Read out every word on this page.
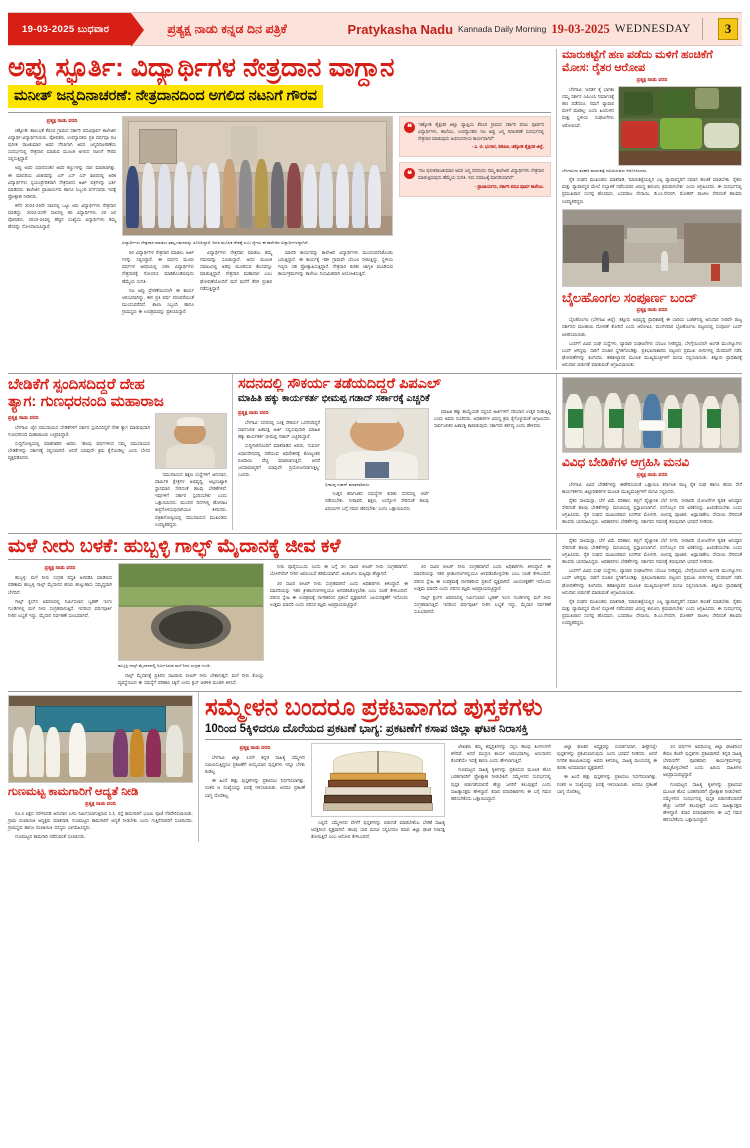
19-03-2025 ಬುಧವಾರ	ಪ್ರತ್ಯಕ್ಷ ನಾಡು ಕನ್ನಡ ದಿನ ಪತ್ರಿಕೆ	Pratykasha Nadu Kannada Daily Morning 19-03-2025 WEDNESDAY	3
ಅಪ್ಪು ಸ್ಫೂರ್ತಿ: ವಿದ್ಯಾರ್ಥಿಗಳ ನೇತ್ರದಾನ ವಾಗ್ದಾನ
ಮನೀತ್ ಜನ್ಮದಿನಾಚರಣೆ: ನೇತ್ರದಾನದಿಂದ ಅಗಲಿದ ನಟನಿಗೆ ಗೌರವ
ಪ್ರತ್ಯಕ್ಷ ನಾಡು ವರದಿ

ಚಿಕ್ಕೋಡಿ: ಶಾಲುಭಕೆ ಕೆರೂರ ಗ್ರಾಮದ ಸರ್ಕಾರಿ ಪದವಿಪೂರ್ವ ಕಾಲೇಜಿನ ವಿದ್ಯಾರ್ಥಿ-ವಿದ್ಯಾರ್ಥಿನಿಯರು, ಪೋಷಕರು, ಉಪನ್ಯಾಸಕರು ಪ್ರತಿ ವರ್ಷವೂ ನಟ ಪುನೀತ ರಾಜಕುಮಾರ ಅವರ ನೆನಪಿಗಾಗಿ ಅವರ ಜನ್ಮದಿನಾಚರಣೆಯ ಸಂದರ್ಭದಲ್ಲಿ ನೇತ್ರದಾನ ಮಾಡುವ ಮೂಲಕ ಅಗಲಿದ ನಟನಿಗೆ ಗೌರವ ಸಲ್ಲಿಸುತ್ತಿದ್ದಾರೆ.

ಅಪ್ಪು ಅವರ ಸಿಧಾನದಂತರ ಅವರ ಕಣ್ಣುಗಳನ್ನು ದಾನ ಮಾಡಲಾಗಿತ್ತು. ಈ ಮಾದರಿಯ ವಿಚಾರವನ್ನು ಎನ್ ಎಸ್ ಎಸ್ ಶಿಬಿರದಲ್ಲಿ ಅರಿತ ವಿದ್ಯಾರ್ಥಿಗಳು ಸ್ವಯಂಪ್ರೇರಿತರಾಗಿ ನೇತ್ರದಾನದ ಅರ್ಜಿ ಪತ್ರಗಳನ್ನು ಭರ್ತಿ ಮಾಡಿದರು. ಕಾಲೇಜಿನ ಪ್ರಾಚಾರ್ಯರು ಹಾಗೂ ಸಿಬ್ಬಂದಿ ವರ್ಗದವರು ಇದಕ್ಕೆ ಪ್ರೋತ್ಸಾಹ ನೀಡಿದರು.

ಕಳೆದ 2024-25ನೇ ಸಾಲಿನಲ್ಲಿ ಒಟ್ಟು ಆರು ವಿದ್ಯಾರ್ಥಿಗಳು ನೇತ್ರದಾನ ಮಾಡಿದ್ದು, 2022-23ನೇ ಸಾಲಿನಲ್ಲಿ 85 ವಿದ್ಯಾರ್ಥಿಗಳು, 20 ಜನ ಪೋಷಕರು, 2023-24ರಲ್ಲಿ ಹೆಚ್ಚಿನ ಸಂಖ್ಯೆಯ ವಿದ್ಯಾರ್ಥಿಗಳು ತಮ್ಮ ಹೆಸರನ್ನು ನೋಂದಾಯಿಸಿದ್ದಾರೆ.

ವಿದ್ಯಾರ್ಥಿಗಳು ನೇತ್ರದಾನ ಮಾಡಲು ತಮ್ಮ ಗಮನವನ್ನು ಸೂಚಿಸಿದ್ದಾರೆ. ಅದರ ಮೂಲಕ ದೇಶಕ್ಕೆ ಎಂಬ ಧ್ಯೇಯ ಈ ಕಾಲೇಜಿನ ವಿದ್ಯಾರ್ಥಿಗಳದ್ದಾಗಿದೆ.

50 ವಿದ್ಯಾರ್ಥಿಗಳ ನೇತ್ರದಾನ ಮಾಡಲು ಅರ್ಜಿ ಗಳನ್ನು ಸಲ್ಲಿಸಿದ್ದಾರೆ. ಈ ವರ್ಷದ ಮೂರು ವರ್ಷಗಳ ಅವಧಿಯಲ್ಲಿ 285 ವಿದ್ಯಾರ್ಥಿಗಳು ನೇತ್ರದಾನಕ್ಕೆ ನೋಂದಣಿ ಮಾಡಿಕೊಂಡಿರುವುದು ಹೆಮ್ಮೆಯ ಸಂಗತಿ.

ನಟ ಅಪ್ಪು ಪ್ರೇರಣೆಯಿಂದಲೇ ಈ ಕಾರ್ಯ ಆರಂಭವಾಗಿದ್ದು, ಈಗ ಪ್ರತಿ ವರ್ಷ ಪರಂಪರೆಯಂತೆ ಮುಂದುವರೆದಿದೆ. ಶಾಲಾ ಸಿಬ್ಬಂದಿ ಹಾಗೂ ಗ್ರಾಮಸ್ಥರು ಈ ಉಪಕ್ರಮವನ್ನು ಪ್ರಶಂಸಿಸಿದ್ದಾರೆ.

ವಿದ್ಯಾರ್ಥಿಗಳು ನೇತ್ರದಾನ ಮಾಡಲು ತಮ್ಮ ಗಮನವನ್ನು ಸೂಚಿಸಿದ್ದಾರೆ. ಅದರ ಮೂಲಕ ಸಮಾಜದಲ್ಲಿ ಅರಿವು ಮೂಡಿಸುವ ಕೆಲಸವನ್ನೂ ಮಾಡುತ್ತಿದ್ದಾರೆ. ನೇತ್ರದಾನ ಮಹಾದಾನ ಎಂಬ ಘೋಷಣೆಯೊಂದಿಗೆ ಮನೆ ಮನೆಗೆ ತೆರಳಿ ಪ್ರಚಾರ ನಡೆಸುತ್ತಿದ್ದಾರೆ.

ಮಾದರಿ ಕಾರ್ಯವನ್ನು ಕಾಲೇಜಿನ ವಿದ್ಯಾರ್ಥಿಗಳು ಮುಂದುವರೆಸಿಕೊಂಡು ಬರುತ್ತಿದ್ದಾರೆ. ಈ ಕಾರ್ಯಕ್ಕೆ ಇಡೀ ಗ್ರಾಮವೇ ಬೆಂಬಲ ನೀಡುತ್ತಿದ್ದು, ಸ್ಥಳೀಯ ಗಣ್ಯರು ಸಹ ಪ್ರೋತ್ಸಾಹಿಸುತ್ತಿದ್ದಾರೆ. ನೇತ್ರದಾನ ಕುರಿತು ಜಾಗೃತಿ ಮೂಡಿಸುವ ಕಾರ್ಯಕ್ರಮಗಳನ್ನು ಕಾಲೇಜು ನಿಯಮಿತವಾಗಿ ಆಯೋಜಿಸುತ್ತಿದೆ.

❝	"ಚಿಕ್ಕೋಡಿ ಶೈಕ್ಷಣಿಕ ಜಿಲ್ಲಾ ವ್ಯಾಪ್ತಿಯ ಕೆರೂರ ಗ್ರಾಮದ ಸರ್ಕಾರಿ ಪದವಿ ಪೂರ್ವದ ವಿದ್ಯಾರ್ಥಿಗಳು, ಶಾಲೆಯು, ಉಪನ್ಯಾಸಕರು ನಟ ಅಪ್ಪು ಜನ್ಮ ದಿನಾಚರಣೆ ಸಂದರ್ಭದಲ್ಲಿ ನೇತ್ರದಾನ ಮಾಡುವುದು ಅಭಿನಂದನೀಯ ಕಾರ್ಯವಾಗಿದೆ"
- ಎ. ಬಿ. ಭಂಗಾರ, ಡಿಡಿಪಿಐ, ಚಿಕ್ಕೋಡಿ ಶೈಕ್ಷಣಿಕ ಜಿಲ್ಲೆ.
❝	"ನಟ ಪುನೀತರಾಜಕುಮಾರ ಅವರ ಜನ್ಮ ದಿನದಂದು ನಮ್ಮ ಕಾಲೇಜಿನ ವಿದ್ಯಾರ್ಥಿಗಳು ನೇತ್ರದಾನ ಮಾಡುತ್ತಿರುವುದು ಹೆಮ್ಮೆಯ ಸಂಗತಿ. ಇದು ಸಮಾಜಕ್ಕೆ ಮಾದರಿಯಾಗಿದೆ"
- ಪ್ರಾಚಾರ್ಯರು, ಸರ್ಕಾರಿ ಪದವಿ ಪೂರ್ವ ಕಾಲೇಜು.
ಮಾರುಕಟ್ಟೆಗೆ ಹಣ ಪಡೆದು ಮಳಿಗೆ ಹಂಚಿಕೆಗೆ ಮೋಸ: ರೈತರ ಆರೋಪ
ಪ್ರತ್ಯಕ್ಷ ನಾಡು ವರದಿ

ಬೆಳಗಾವಿ: 'ಆದರ್ಶ ಕೈ ಭಾಗಶಃ ನಮ್ಮ ಸರ್ಕಾರ ಎಪಿಎಂಸಿ ನಿರ್ಮಾಣಕ್ಕೆ ಹಣ ಪಡೆದರೂ, ನಮಗೆ ವ್ಯಾಪಾರ ಮಳಿಗೆ ಮಾಡಿಲ್ಲ' ಎಂದು ಹಿಂದುಳಿದ ಮತ್ತು ಸ್ಥಳೀಯ ಸಂಘಟನೆಗಳು ಆರೋಪಿಸಿವೆ.

ಬೆಳಗಾವಿಯ ತರಕಾರಿ ಮಾರುಕಟ್ಟೆ ಸಮಿತಿಯವರು ಆರೋಪಿಸಿದರು.

ರೈತ ಸಂಘದ ಮುಖಂಡರು ಮಾತನಾಡಿ, 'ಮಾರುಕಟ್ಟೆಯಲ್ಲಿನ ಎಲ್ಲ ವ್ಯಾಪಾರಸ್ಥರಿಗೆ ಸಮಾನ ಹಂಚಿಕೆ ಮಾಡಬೇಕು. ರೈತರು ಮತ್ತು ವ್ಯಾಪಾರಸ್ಥರ ಮೇಲೆ ದಬ್ಬಾಳಿಕೆ ನಡೆಸುವವರ ವಿರುದ್ಧ ಕಾನೂನು ಕ್ರಮವಾಗಬೇಕು' ಎಂದು ಆಗ್ರಹಿಸಿದರು. ಈ ಸಂದರ್ಭದಲ್ಲಿ ಪ್ರಮುಖರಾದ ಸಂಗಪ್ಪ ಹೊಸಮನಿ, ಬಸವರಾಜ ದೇಸಾಯಿ, ಡಿ.ಎಂ.ನೇಸರಗಿ, ಮೋಹನ್ ಪಾಟೀಲ ಸೇರಿದಂತೆ ಹಲವರು ಉಪಸ್ಥಿತರಿದ್ದರು.

ಬೈಲಹೊಂಗಲ ಸಂಪೂರ್ಣ ಬಂದ್
ಪ್ರತ್ಯಕ್ಷ ನಾಡು ವರದಿ

ಬೈಲಹೊಂಗಲ (ಬೆಳಗಾವಿ ಜಿಲ್ಲೆ): ಕಿತ್ತೂರು ಅಭಿವೃದ್ಧಿ ಪ್ರಾಧಿಕಾರಕ್ಕೆ ಈ ಬಾರಿಯ ಬಜೆಟ್‌ನಲ್ಲಿ ಅನುದಾನ ನೀಡದೇ ರಾಜ್ಯ ಸರ್ಕಾರದ ಮಲತಾಯಿ ಧೋರಣೆ ತೋರಿದೆ ಎಂದು ಆರೋಪಿಸಿ, ಮಂಗಳವಾರ ಬೈಲಹೊಂಗಲ ಪಟ್ಟಣದಲ್ಲಿ ಸಂಪೂರ್ಣ ಬಂದ್ ಆಚರಿಸಲಾಯಿತು.

ಬಂದ್‌ಗೆ ವಿವಿಧ ಸಂಘ ಸಂಸ್ಥೆಗಳು, ವ್ಯಾಪಾರಿ ಸಂಘಟನೆಗಳು ಬೆಂಬಲ ನೀಡಿದ್ದವು. ಬೆಳಗ್ಗೆಯಿಂದಲೇ ಅಂಗಡಿ ಮುಂಗಟ್ಟುಗಳು ಬಂದ್ ಆಗಿದ್ದವು. ಸಾರಿಗೆ ಸಂಚಾರ ಸ್ಥಗಿತಗೊಂಡಿತ್ತು. ಪ್ರತಿಭಟನಾಕಾರರು ಪಟ್ಟಣದ ಪ್ರಮುಖ ಬೀದಿಗಳಲ್ಲಿ ಮೆರವಣಿಗೆ ನಡೆಸಿ ಘೋಷಣೆಗಳನ್ನು ಕೂಗಿದರು. ತಹಶೀಲ್ದಾರರ ಮೂಲಕ ಮುಖ್ಯಮಂತ್ರಿಗಳಿಗೆ ಮನವಿ ಸಲ್ಲಿಸಲಾಯಿತು. ಕಿತ್ತೂರು ಪ್ರಾಧಿಕಾರಕ್ಕೆ ಅನುದಾನ ಬಿಡುಗಡೆ ಮಾಡುವಂತೆ ಆಗ್ರಹಿಸಲಾಯಿತು.

ಬೇಡಿಕೆಗೆ ಸ್ಪಂದಿಸದಿದ್ದರೆ ದೇಹ
ತ್ಯಾಗ: ಗುಣಧರನಂದಿ ಮಹಾರಾಜ
ಪ್ರತ್ಯಕ್ಷ ನಾಡು ವರದಿ

ಬೆಳಗಾವಿ: ಜೈನ ಸಮುದಾಯದ ಬೇಡಿಕೆಗಳಿಗೆ ಸರ್ಕಾರ ಸ್ಪಂದಿಸದಿದ್ದರೆ ದೇಹ ತ್ಯಾಗ ಮಾಡುವುದಾಗಿ ಗುಣಧರನಂದಿ ಮಹಾರಾಜರು ಎಚ್ಚರಿಸಿದ್ದಾರೆ.

ಸುದ್ದಿಗೋಷ್ಠಿಯಲ್ಲಿ ಮಾತನಾಡಿದ ಅವರು, 'ಹಲವು ವರ್ಷಗಳಿಂದ ನಮ್ಮ ಸಮುದಾಯದ ಬೇಡಿಕೆಗಳನ್ನು ಸರ್ಕಾರಕ್ಕೆ ಸಲ್ಲಿಸಲಾಗಿದೆ. ಆದರೆ ಯಾವುದೇ ಕ್ರಮ ಕೈಗೊಂಡಿಲ್ಲ' ಎಂದು ಬೇಸರ ವ್ಯಕ್ತಪಡಿಸಿದರು.

'ಸಮುದಾಯದ ಶಿಕ್ಷಣ ಸಂಸ್ಥೆಗಳಿಗೆ ಅನುದಾನ, ಧಾರ್ಮಿಕ ಕ್ಷೇತ್ರಗಳ ಅಭಿವೃದ್ಧಿ, ಅಲ್ಪಸಂಖ್ಯಾತ ಸ್ಥಾನಮಾನ ಸೇರಿದಂತೆ ಹಲವು ಬೇಡಿಕೆಗಳಿವೆ. ಇವುಗಳಿಗೆ ಸರ್ಕಾರ ಸ್ಪಂದಿಸಬೇಕು' ಎಂದು ಒತ್ತಾಯಿಸಿದರು. ಮುಂದಿನ ದಿನಗಳಲ್ಲಿ ಹೋರಾಟ ತೀವ್ರಗೊಳಿಸುವುದಾಗಿಯೂ ತಿಳಿಸಿದರು. ಪತ್ರಿಕಾಗೋಷ್ಠಿಯಲ್ಲಿ ಸಮುದಾಯದ ಮುಖಂಡರು ಉಪಸ್ಥಿತರಿದ್ದರು.

ಸದನದಲ್ಲಿ ಸೌಕರ್ಯ ತಡೆಯದಿದ್ದರೆ ಪಿಪಎಲ್
ಮಾಹಿತಿ ಹಕ್ಕು ಕಾರ್ಯಕರ್ತ ಭೀಮಪ್ಪ ಗಡಾದ್ ಸರ್ಕಾರಕ್ಕೆ ಎಚ್ಚರಿಕೆ
ಪ್ರತ್ಯಕ್ಷ ನಾಡು ವರದಿ

ಬೆಳಗಾವಿ: ಸದನದಲ್ಲಿ ಸೂಕ್ತ ಸೌಕರ್ಯ ಒದಗಿಸದಿದ್ದರೆ ಸಾರ್ವಜನಿಕ ಹಿತಾಸಕ್ತಿ ಅರ್ಜಿ ಸಲ್ಲಿಸುವುದಾಗಿ ಮಾಹಿತಿ ಹಕ್ಕು ಕಾರ್ಯಕರ್ತ ಭೀಮಪ್ಪ ಗಡಾದ್ ಎಚ್ಚರಿಸಿದ್ದಾರೆ.

ಸುದ್ದಿಗಾರರೊಂದಿಗೆ ಮಾತನಾಡಿದ ಅವರು, 'ಸುವರ್ಣ ವಿಧಾನಸೌಧದಲ್ಲಿ ನಡೆಯುವ ಅಧಿವೇಶನಕ್ಕೆ ಕೋಟ್ಯಂತರ ರೂಪಾಯಿ ವೆಚ್ಚ ಮಾಡಲಾಗುತ್ತಿದೆ. ಆದರೆ ಜನಸಾಮಾನ್ಯರಿಗೆ ಯಾವುದೇ ಪ್ರಯೋಜನವಾಗುತ್ತಿಲ್ಲ' ಎಂದರು.

ಭೀಮಪ್ಪ ಗಡಾದ್ ಮಾತನಾಡಿದರು.

'ಉತ್ತರ ಕರ್ನಾಟಕದ ಸಮಸ್ಯೆಗಳ ಕುರಿತು ಸದನದಲ್ಲಿ ಚರ್ಚೆ ನಡೆಯಬೇಕು. ನೀರಾವರಿ, ಶಿಕ್ಷಣ, ಉದ್ಯೋಗ ಸೇರಿದಂತೆ ಹಲವು ವಿಷಯಗಳ ಬಗ್ಗೆ ಗಮನ ಹರಿಸಬೇಕು' ಎಂದು ಒತ್ತಾಯಿಸಿದರು.

ಮಾಹಿತಿ ಹಕ್ಕು ಕಾಯ್ದೆಯಡಿ ಸಲ್ಲಿಸಿದ ಅರ್ಜಿಗಳಿಗೆ ಸರಿಯಾದ ಉತ್ತರ ನೀಡುತ್ತಿಲ್ಲ ಎಂದು ಅವರು ದೂರಿದರು. ಅಧಿಕಾರಿಗಳ ವಿರುದ್ಧ ಕ್ರಮ ಕೈಗೊಳ್ಳುವಂತೆ ಆಗ್ರಹಿಸಿದರು. ಸಾರ್ವಜನಿಕರ ಹಿತಾಸಕ್ತಿ ಕಾಪಾಡುವುದು ಸರ್ಕಾರದ ಕರ್ತವ್ಯ ಎಂದು ಹೇಳಿದರು.

ವಿವಿಧ ಬೇಡಿಕೆಗಳ ಆಗ್ರಹಿಸಿ ಮನವಿ
ಪ್ರತ್ಯಕ್ಷ ನಾಡು ವರದಿ

ಬೆಳಗಾವಿ: ವಿವಿಧ ಬೇಡಿಕೆಗಳನ್ನು ಈಡೇರಿಸುವಂತೆ ಒತ್ತಾಯಿಸಿ ಕರ್ನಾಟಕ ರಾಜ್ಯ ರೈತ ಸಂಘ ಹಾಗೂ ಹಸಿರು ಸೇನೆ ಕಾರ್ಯಕರ್ತರು ಜಿಲ್ಲಾಧಿಕಾರಿಗಳ ಮೂಲಕ ಮುಖ್ಯಮಂತ್ರಿಗಳಿಗೆ ಮನವಿ ಸಲ್ಲಿಸಿದರು.

ರೈತರ ಸಾಲಮನ್ನಾ, ಬೆಳೆ ವಿಮೆ ಪರಿಹಾರ, ಕಬ್ಬಿಗೆ ವೈಜ್ಞಾನಿಕ ಬೆಲೆ ನಿಗದಿ, ನೀರಾವರಿ ಯೋಜನೆಗಳ ತ್ವರಿತ ಅನುಷ್ಠಾನ ಸೇರಿದಂತೆ ಹಲವು ಬೇಡಿಕೆಗಳನ್ನು ಮನವಿಯಲ್ಲಿ ಪ್ರಸ್ತಾಪಿಸಲಾಗಿದೆ. ರಸಗೊಬ್ಬರ ದರ ಏರಿಕೆಯನ್ನು ಹಿಂಪಡೆಯಬೇಕು ಎಂದು ಆಗ್ರಹಿಸಿದರು. ರೈತ ಸಂಘದ ಮುಖಂಡರಾದ ಸಿದಗೌಡ ಮೋದಗಿ, ಚೂನಪ್ಪ ಪೂಜಾರಿ, ಅಪ್ಪಾಸಾಹೇಬ ದೇಸಾಯಿ ಸೇರಿದಂತೆ ಹಲವರು ಭಾಗವಹಿಸಿದ್ದರು. ಅಧಿಕಾರಿಗಳು ಬೇಡಿಕೆಗಳನ್ನು ಸರ್ಕಾರದ ಗಮನಕ್ಕೆ ತರುವುದಾಗಿ ಭರವಸೆ ನೀಡಿದರು.

ಮಳೆ ನೀರು ಬಳಕೆ: ಹುಬ್ಬಳ್ಳಿ ಗಾಲ್ಫ್ ಮೈದಾನಕ್ಕೆ ಜೀವ ಕಳೆ
ಪ್ರತ್ಯಕ್ಷ ನಾಡು ವರದಿ

ಹುಬ್ಬಳ್ಳಿ: ಮಳೆ ನೀರು ಸಂಗ್ರಹ ಪದ್ಧತಿ ಅಳವಡಿಸಿ ಮಾಡಿರುವ ಪರಿಣಾಮ ಹುಬ್ಬಳ್ಳಿ ಗಾಲ್ಫ್ ಮೈದಾನದ ಹಸಿರು ಹುಲ್ಲುಹಾಸು ಸಮೃದ್ಧವಾಗಿ ಬೆಳೆದಿದೆ.

ಗಾಲ್ಫ್ ಕ್ಲಬ್‌ನ ಆವರಣದಲ್ಲಿ ನಿರ್ಮಿಸಲಾದ ಬೃಹತ್ ಇಂಗು ಗುಂಡಿಗಳಲ್ಲಿ ಮಳೆ ನೀರು ಸಂಗ್ರಹವಾಗುತ್ತಿದೆ. ಇದರಿಂದ ವರ್ಷಪೂರ್ತಿ ನೀರಿನ ಲಭ್ಯತೆ ಇದ್ದು, ಮೈದಾನ ನಿರ್ವಹಣೆ ಸುಲಭವಾಗಿದೆ.

ಹುಬ್ಬಳ್ಳಿ ಗಾಲ್ಫ್ ಮೈದಾನದಲ್ಲಿ ನಿರ್ಮಿಸಿರುವ ಮಳೆ ನೀರು ಸಂಗ್ರಹ ಗುಂಡಿ.

ಗಾಲ್ಫ್ ಮೈದಾನಕ್ಕೆ ಪ್ರತಿದಿನ ಸಾವಿರಾರು ಲೀಟರ್ ನೀರು ಬೇಕಾಗುತ್ತದೆ. ಮಳೆ ನೀರು ಕೊಯ್ಲು ವ್ಯವಸ್ಥೆಯಿಂದ ಈ ಸಮಸ್ಯೆಗೆ ಪರಿಹಾರ ಸಿಕ್ಕಿದೆ ಎಂದು ಕ್ಲಬ್ ಆಡಳಿತ ಮಂಡಳಿ ತಿಳಿಸಿದೆ.

ನೀರು ಪೂರೈಸುಬುದು ಎಂದು ಈ ಬಗ್ಗೆ 20 ಸಾವಿರ ಲೀಟರ್ ನೀರು ಸಂಗ್ರಹವಾಗಿದೆ. ಬೋರ್‌ವೆಲ್ ನೀರಿನ ಅವಲಂಬನೆ ಕಡಿಮೆಯಾಗಿದೆ. ಅಂತರ್ಜಲ ಮಟ್ಟವೂ ಹೆಚ್ಚಾಗಿದೆ.

20 ಸಾವಿರ ಲೀಟರ್ ನೀರು ಸಂಗ್ರಹವಾಗಿದೆ ಎಂದು ಅಧಿಕಾರಿಗಳು ತಿಳಿಸಿದ್ದಾರೆ. ಈ ಮಾದರಿಯನ್ನು ಇತರ ಕ್ರೀಡಾಂಗಣಗಳಲ್ಲಿಯೂ ಅಳವಡಿಸಿಕೊಳ್ಳಬೇಕು ಎಂಬ ಸಲಹೆ ಕೇಳಿಬಂದಿದೆ. ಪರಿಸರ ಸ್ನೇಹಿ ಈ ಉಪಕ್ರಮಕ್ಕೆ ನಾಗರಿಕರಿಂದ ಪ್ರಶಂಸೆ ವ್ಯಕ್ತವಾಗಿದೆ. ಜಲಸಂರಕ್ಷಣೆಗೆ ಇದೊಂದು ಉತ್ತಮ ಮಾದರಿ ಎಂದು ಪರಿಸರ ತಜ್ಞರು ಅಭಿಪ್ರಾಯಪಟ್ಟಿದ್ದಾರೆ.

20 ಸಾವಿರ ಲೀಟರ್ ನೀರು ಸಂಗ್ರಹವಾಗಿದೆ ಎಂದು ಅಧಿಕಾರಿಗಳು ತಿಳಿಸಿದ್ದಾರೆ. ಈ ಮಾದರಿಯನ್ನು ಇತರ ಕ್ರೀಡಾಂಗಣಗಳಲ್ಲಿಯೂ ಅಳವಡಿಸಿಕೊಳ್ಳಬೇಕು ಎಂಬ ಸಲಹೆ ಕೇಳಿಬಂದಿದೆ. ಪರಿಸರ ಸ್ನೇಹಿ ಈ ಉಪಕ್ರಮಕ್ಕೆ ನಾಗರಿಕರಿಂದ ಪ್ರಶಂಸೆ ವ್ಯಕ್ತವಾಗಿದೆ. ಜಲಸಂರಕ್ಷಣೆಗೆ ಇದೊಂದು ಉತ್ತಮ ಮಾದರಿ ಎಂದು ಪರಿಸರ ತಜ್ಞರು ಅಭಿಪ್ರಾಯಪಟ್ಟಿದ್ದಾರೆ.

ಗಾಲ್ಫ್ ಕ್ಲಬ್‌ನ ಆವರಣದಲ್ಲಿ ನಿರ್ಮಿಸಲಾದ ಬೃಹತ್ ಇಂಗು ಗುಂಡಿಗಳಲ್ಲಿ ಮಳೆ ನೀರು ಸಂಗ್ರಹವಾಗುತ್ತಿದೆ. ಇದರಿಂದ ವರ್ಷಪೂರ್ತಿ ನೀರಿನ ಲಭ್ಯತೆ ಇದ್ದು, ಮೈದಾನ ನಿರ್ವಹಣೆ ಸುಲಭವಾಗಿದೆ.

ರೈತರ ಸಾಲಮನ್ನಾ, ಬೆಳೆ ವಿಮೆ ಪರಿಹಾರ, ಕಬ್ಬಿಗೆ ವೈಜ್ಞಾನಿಕ ಬೆಲೆ ನಿಗದಿ, ನೀರಾವರಿ ಯೋಜನೆಗಳ ತ್ವರಿತ ಅನುಷ್ಠಾನ ಸೇರಿದಂತೆ ಹಲವು ಬೇಡಿಕೆಗಳನ್ನು ಮನವಿಯಲ್ಲಿ ಪ್ರಸ್ತಾಪಿಸಲಾಗಿದೆ. ರಸಗೊಬ್ಬರ ದರ ಏರಿಕೆಯನ್ನು ಹಿಂಪಡೆಯಬೇಕು ಎಂದು ಆಗ್ರಹಿಸಿದರು. ರೈತ ಸಂಘದ ಮುಖಂಡರಾದ ಸಿದಗೌಡ ಮೋದಗಿ, ಚೂನಪ್ಪ ಪೂಜಾರಿ, ಅಪ್ಪಾಸಾಹೇಬ ದೇಸಾಯಿ ಸೇರಿದಂತೆ ಹಲವರು ಭಾಗವಹಿಸಿದ್ದರು. ಅಧಿಕಾರಿಗಳು ಬೇಡಿಕೆಗಳನ್ನು ಸರ್ಕಾರದ ಗಮನಕ್ಕೆ ತರುವುದಾಗಿ ಭರವಸೆ ನೀಡಿದರು.

ಬಂದ್‌ಗೆ ವಿವಿಧ ಸಂಘ ಸಂಸ್ಥೆಗಳು, ವ್ಯಾಪಾರಿ ಸಂಘಟನೆಗಳು ಬೆಂಬಲ ನೀಡಿದ್ದವು. ಬೆಳಗ್ಗೆಯಿಂದಲೇ ಅಂಗಡಿ ಮುಂಗಟ್ಟುಗಳು ಬಂದ್ ಆಗಿದ್ದವು. ಸಾರಿಗೆ ಸಂಚಾರ ಸ್ಥಗಿತಗೊಂಡಿತ್ತು. ಪ್ರತಿಭಟನಾಕಾರರು ಪಟ್ಟಣದ ಪ್ರಮುಖ ಬೀದಿಗಳಲ್ಲಿ ಮೆರವಣಿಗೆ ನಡೆಸಿ ಘೋಷಣೆಗಳನ್ನು ಕೂಗಿದರು. ತಹಶೀಲ್ದಾರರ ಮೂಲಕ ಮುಖ್ಯಮಂತ್ರಿಗಳಿಗೆ ಮನವಿ ಸಲ್ಲಿಸಲಾಯಿತು. ಕಿತ್ತೂರು ಪ್ರಾಧಿಕಾರಕ್ಕೆ ಅನುದಾನ ಬಿಡುಗಡೆ ಮಾಡುವಂತೆ ಆಗ್ರಹಿಸಲಾಯಿತು.

ರೈತ ಸಂಘದ ಮುಖಂಡರು ಮಾತನಾಡಿ, 'ಮಾರುಕಟ್ಟೆಯಲ್ಲಿನ ಎಲ್ಲ ವ್ಯಾಪಾರಸ್ಥರಿಗೆ ಸಮಾನ ಹಂಚಿಕೆ ಮಾಡಬೇಕು. ರೈತರು ಮತ್ತು ವ್ಯಾಪಾರಸ್ಥರ ಮೇಲೆ ದಬ್ಬಾಳಿಕೆ ನಡೆಸುವವರ ವಿರುದ್ಧ ಕಾನೂನು ಕ್ರಮವಾಗಬೇಕು' ಎಂದು ಆಗ್ರಹಿಸಿದರು. ಈ ಸಂದರ್ಭದಲ್ಲಿ ಪ್ರಮುಖರಾದ ಸಂಗಪ್ಪ ಹೊಸಮನಿ, ಬಸವರಾಜ ದೇಸಾಯಿ, ಡಿ.ಎಂ.ನೇಸರಗಿ, ಮೋಹನ್ ಪಾಟೀಲ ಸೇರಿದಂತೆ ಹಲವರು ಉಪಸ್ಥಿತರಿದ್ದರು.

ಗುಣಮಟ್ಟ ಕಾಮಗಾರಿಗೆ ಆದ್ಯತೆ ನೀಡಿ
ಪ್ರತ್ಯಕ್ಷ ನಾಡು ವರದಿ

ರೂ.4 ಲಕ್ಷದ ನರೇಗಾದಡಿ ಅನುದಾನ ಬಳಸಿ ನಿರ್ಮಿಸಲಾಗುತ್ತಿರುವ ಸಿ.ಸಿ. ರಸ್ತೆ ಕಾಮಗಾರಿಗೆ ಭೂಮಿ ಪೂಜೆ ನೆರವೇರಿಸಲಾಯಿತು. ಗ್ರಾಮ ಪಂಚಾಯಿತಿ ಅಧ್ಯಕ್ಷರು ಮಾತನಾಡಿ, ಗುಣಮಟ್ಟದ ಕಾಮಗಾರಿಗೆ ಆದ್ಯತೆ ನೀಡಬೇಕು ಎಂದು ಗುತ್ತಿಗೆದಾರರಿಗೆ ಸೂಚಿಸಿದರು. ಗ್ರಾಮಸ್ಥರು ಹಾಗೂ ಪಂಚಾಯಿತಿ ಸದಸ್ಯರು ಭಾಗವಹಿಸಿದ್ದರು.

ಗುಣಮಟ್ಟದ ಕಾಮಗಾರಿ ನಡೆಸುವಂತೆ ಸೂಚಿಸಿದರು.

ಸಮ್ಮೇಳನ ಬಂದರೂ ಪ್ರಕಟವಾಗದ ಪುಸ್ತಕಗಳು
10ರಿಂದ 5ಕ್ಕಿಳಿದರೂ ದೊರೆಯದ ಪ್ರಕಟಣೆ ಭಾಗ್ಯ: ಪ್ರಕಟಣೆಗೆ ಕಸಾಪ ಜಿಲ್ಲಾ ಘಟಕ ನಿರಾಸಕ್ತಿ
ಪ್ರತ್ಯಕ್ಷ ನಾಡು ವರದಿ

ಬೆಳಗಾವಿ: ಜಿಲ್ಲಾ 12ನೇ ಕನ್ನಡ ಸಾಹಿತ್ಯ ಸಮ್ಮೇಳನ ಸಮೀಪಿಸುತ್ತಿದ್ದರೂ ಪ್ರಕಟಣೆಗೆ ಆಯ್ಕೆಯಾದ ಪುಸ್ತಕಗಳು ಇನ್ನೂ ಬೆಳಕು ಕಂಡಿಲ್ಲ.

ಈ ಹಿಂದೆ ಹತ್ತು ಪುಸ್ತಕಗಳನ್ನು ಪ್ರಕಟಿಸಲು ನಿರ್ಧರಿಸಲಾಗಿತ್ತು. ನಂತರ ಆ ಸಂಖ್ಯೆಯನ್ನು ಐದಕ್ಕೆ ಇಳಿಸಲಾಯಿತು. ಆದರೂ ಪ್ರಕಟಣೆ ಭಾಗ್ಯ ದೊರೆತಿಲ್ಲ.

ಎಲ್ಲಿದೆ. ಸಮ್ಮೇಳನದ ವೇಳೆಗೆ ಪುಸ್ತಕಗಳನ್ನು ಬಿಡುಗಡೆ ಮಾಡಬೇಕೆಂಬ ಬೇಡಿಕೆ ಸಾಹಿತ್ಯ ಆಸಕ್ತರಿಂದ ವ್ಯಕ್ತವಾಗಿದೆ. ಹಲವು ಬಾರಿ ಮನವಿ ಸಲ್ಲಿಸಿದರೂ ಕಸಾಪ ಜಿಲ್ಲಾ ಘಟಕ ನಿರಾಸಕ್ತಿ ತೋರುತ್ತಿದೆ ಎಂಬ ಆರೋಪ ಕೇಳಿಬಂದಿದೆ.

ಲೇಖಕರು ತಮ್ಮ ಹಸ್ತಪ್ರತಿಗಳನ್ನು ಸಲ್ಲಿಸಿ ಹಲವು ತಿಂಗಳುಗಳೇ ಕಳೆದಿವೆ. ಆದರೆ ಮುದ್ರಣ ಕಾರ್ಯ ಆರಂಭವಾಗಿಲ್ಲ. ಅನುದಾನದ ಕೊರತೆಯೇ ಇದಕ್ಕೆ ಕಾರಣ ಎಂದು ಹೇಳಲಾಗುತ್ತಿದೆ.

ಗುಣಮಟ್ಟದ ಸಾಹಿತ್ಯ ಕೃತಿಗಳನ್ನು ಪ್ರಕಟಿಸುವ ಮೂಲಕ ಹೊಸ ಬರಹಗಾರರಿಗೆ ಪ್ರೋತ್ಸಾಹ ನೀಡಬೇಕಿದೆ. ಸಮ್ಮೇಳನದ ಸಂದರ್ಭದಲ್ಲಿ ಪುಸ್ತಕ ಬಿಡುಗಡೆಯಾದರೆ ಹೆಚ್ಚು ಜನರಿಗೆ ತಲುಪುತ್ತದೆ ಎಂದು ಸಾಹಿತ್ಯಾಸಕ್ತರು ಹೇಳಿದ್ದಾರೆ. ಕಸಾಪ ಪದಾಧಿಕಾರಿಗಳು ಈ ಬಗ್ಗೆ ಗಮನ ಹರಿಸಬೇಕೆಂದು ಒತ್ತಾಯಿಸಿದ್ದಾರೆ.

ಜಿಲ್ಲಾ ಘಟಕದ ಅಧ್ಯಕ್ಷರನ್ನು ಸಂಪರ್ಕಿಸಿದಾಗ, ಶೀಘ್ರದಲ್ಲೇ ಪುಸ್ತಕಗಳನ್ನು ಪ್ರಕಟಿಸಲಾಗುವುದು ಎಂದು ಭರವಸೆ ನೀಡಿದರು. ಆದರೆ ನಿಗದಿತ ಕಾಲಮಿತಿಯನ್ನು ಅವರು ತಿಳಿಸಲಿಲ್ಲ. ಸಾಹಿತ್ಯ ವಲಯದಲ್ಲಿ ಈ ಕುರಿತು ಅಸಮಾಧಾನ ವ್ಯಕ್ತವಾಗಿದೆ.

ಈ ಹಿಂದೆ ಹತ್ತು ಪುಸ್ತಕಗಳನ್ನು ಪ್ರಕಟಿಸಲು ನಿರ್ಧರಿಸಲಾಗಿತ್ತು. ನಂತರ ಆ ಸಂಖ್ಯೆಯನ್ನು ಐದಕ್ಕೆ ಇಳಿಸಲಾಯಿತು. ಆದರೂ ಪ್ರಕಟಣೆ ಭಾಗ್ಯ ದೊರೆತಿಲ್ಲ.

10 ವರ್ಷಗಳ ಅವಧಿಯಲ್ಲಿ ಜಿಲ್ಲಾ ಘಟಕದಿಂದ ಕೇವಲ ಕೆಲವೇ ಪುಸ್ತಕಗಳು ಪ್ರಕಟವಾಗಿವೆ. ಕನ್ನಡ ಸಾಹಿತ್ಯ ಬೆಳವಣಿಗೆಗೆ ಪೂರಕವಾದ ಕಾರ್ಯಕ್ರಮಗಳನ್ನು ಹಮ್ಮಿಕೊಳ್ಳಬೇಕಿದೆ ಎಂದು ಹಿರಿಯ ಸಾಹಿತಿಗಳು ಅಭಿಪ್ರಾಯಪಟ್ಟಿದ್ದಾರೆ.

ಗುಣಮಟ್ಟದ ಸಾಹಿತ್ಯ ಕೃತಿಗಳನ್ನು ಪ್ರಕಟಿಸುವ ಮೂಲಕ ಹೊಸ ಬರಹಗಾರರಿಗೆ ಪ್ರೋತ್ಸಾಹ ನೀಡಬೇಕಿದೆ. ಸಮ್ಮೇಳನದ ಸಂದರ್ಭದಲ್ಲಿ ಪುಸ್ತಕ ಬಿಡುಗಡೆಯಾದರೆ ಹೆಚ್ಚು ಜನರಿಗೆ ತಲುಪುತ್ತದೆ ಎಂದು ಸಾಹಿತ್ಯಾಸಕ್ತರು ಹೇಳಿದ್ದಾರೆ. ಕಸಾಪ ಪದಾಧಿಕಾರಿಗಳು ಈ ಬಗ್ಗೆ ಗಮನ ಹರಿಸಬೇಕೆಂದು ಒತ್ತಾಯಿಸಿದ್ದಾರೆ.
